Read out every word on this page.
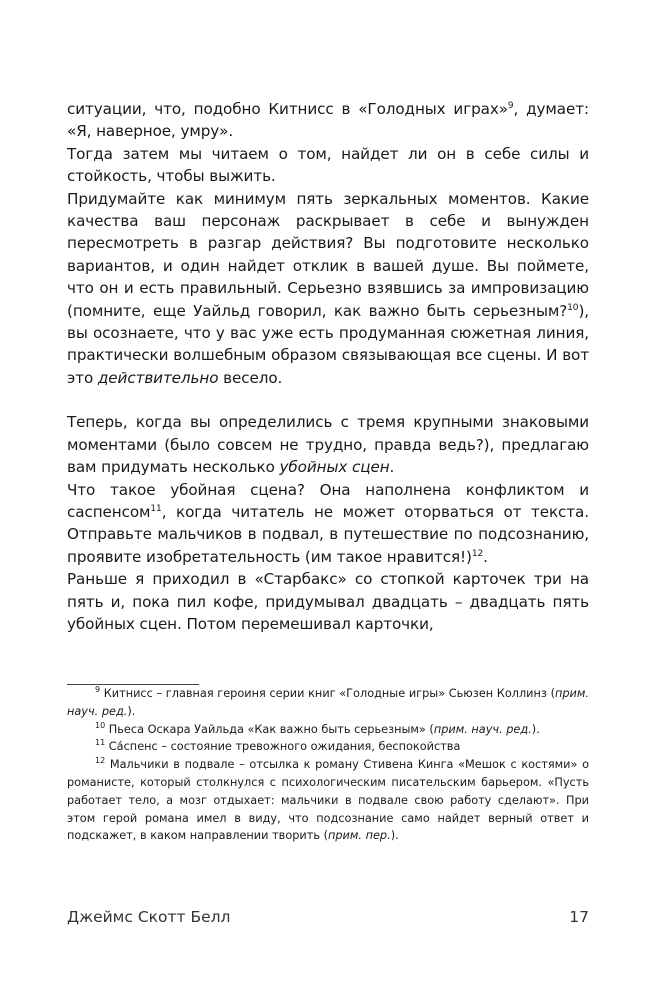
ситуации, что, подобно Китнисс в «Голодных играх»$^9$, думает: «Я, наверное, умру».

Тогда затем мы читаем о том, найдет ли он в себе силы и стойкость, чтобы выжить.

Придумайте как минимум пять зеркальных моментов. Какие качества ваш персонаж раскрывает в себе и вынужден пересмотреть в разгар действия? Вы подготовите несколько вариантов, и один найдет отклик в вашей душе. Вы поймете, что он и есть правильный. Серьезно взявшись за импровизацию (помните, еще Уайльд говорил, как важно быть серьезным?$^{10}$), вы осознаете, что у вас уже есть продуманная сюжетная линия, практически волшебным образом связывающая все сцены. И вот это действительно весело.

Теперь, когда вы определились с тремя крупными знаковыми моментами (было совсем не трудно, правда ведь?), предлагаю вам придумать несколько убойных сцен.

Что такое убойная сцена? Она наполнена конфликтом и саспенсом$^{11}$, когда читатель не может оторваться от текста. Отправьте мальчиков в подвал, в путешествие по подсознанию, проявите изобретательность (им такое нравится!)$^{12}$.

Раньше я приходил в «Старбакс» со стопкой карточек три на пять и, пока пил кофе, придумывал двадцать – двадцать пять убойных сцен. Потом перемешивал карточки,

$^9$ Китнисс – главная героиня серии книг «Голодные игры» Сьюзен Коллинз (прим. науч. ред.).

$^{10}$ Пьеса Оскара Уайльда «Как важно быть серьезным» (прим. науч. ред.).

$^{11}$ Са́спенс – состояние тревожного ожидания, беспокойства

$^{12}$ Мальчики в подвале – отсылка к роману Стивена Кинга «Мешок с костями» о романисте, который столкнулся с психологическим писательским барьером. «Пусть работает тело, а мозг отдыхает: мальчики в подвале свою работу сделают». При этом герой романа имел в виду, что подсознание само найдет верный ответ и подскажет, в каком направлении творить (прим. пер.).

Джеймс Скотт Белл	17
